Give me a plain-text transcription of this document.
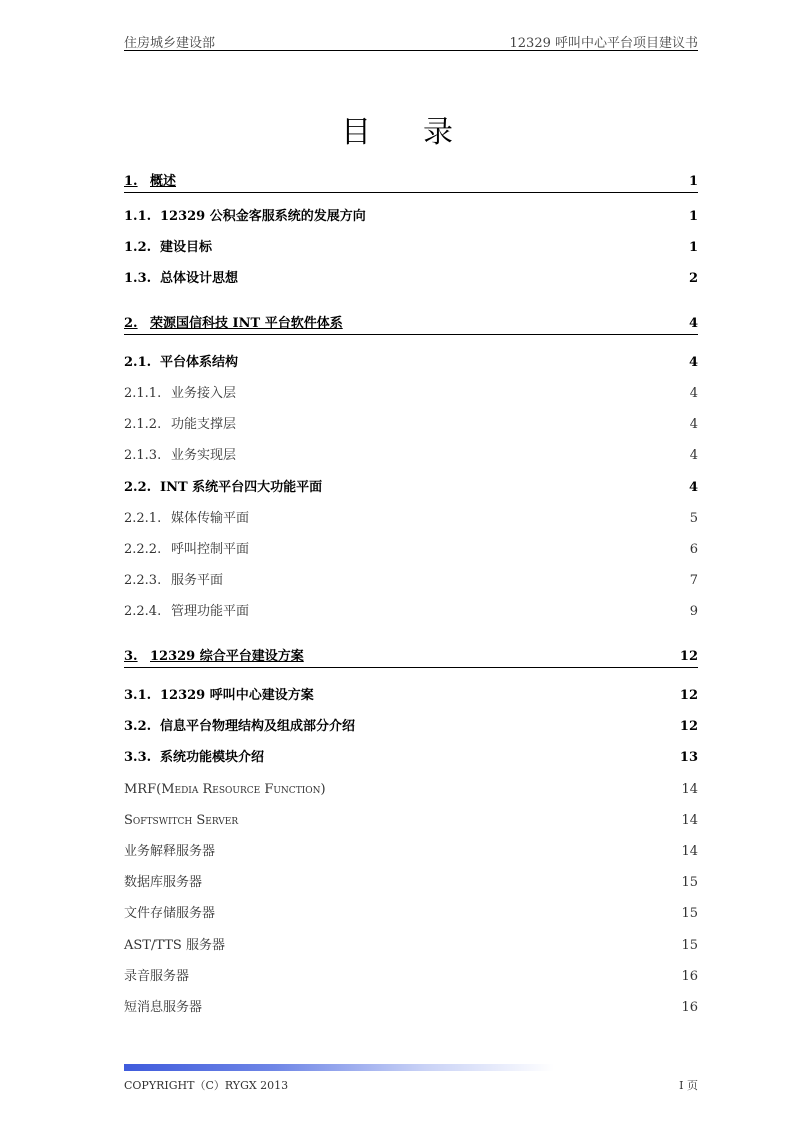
住房城乡建设部	12329 呼叫中心平台项目建议书
目录
1. 概述	1
1.1. 12329 公积金客服系统的发展方向	1
1.2. 建设目标	1
1.3. 总体设计思想	2
2. 荣源国信科技 INT 平台软件体系	4
2.1. 平台体系结构	4
2.1.1. 业务接入层	4
2.1.2. 功能支撑层	4
2.1.3. 业务实现层	4
2.2. INT 系统平台四大功能平面	4
2.2.1. 媒体传输平面	5
2.2.2. 呼叫控制平面	6
2.2.3. 服务平面	7
2.2.4. 管理功能平面	9
3. 12329 综合平台建设方案	12
3.1. 12329 呼叫中心建设方案	12
3.2. 信息平台物理结构及组成部分介绍	12
3.3. 系统功能模块介绍	13
MRF(Media Resource Function)	14
Softswitch Server	14
业务解释服务器	14
数据库服务器	15
文件存储服务器	15
AST/TTS 服务器	15
录音服务器	16
短消息服务器	16
COPYRIGHT（C）RYGX 2013	I 页
